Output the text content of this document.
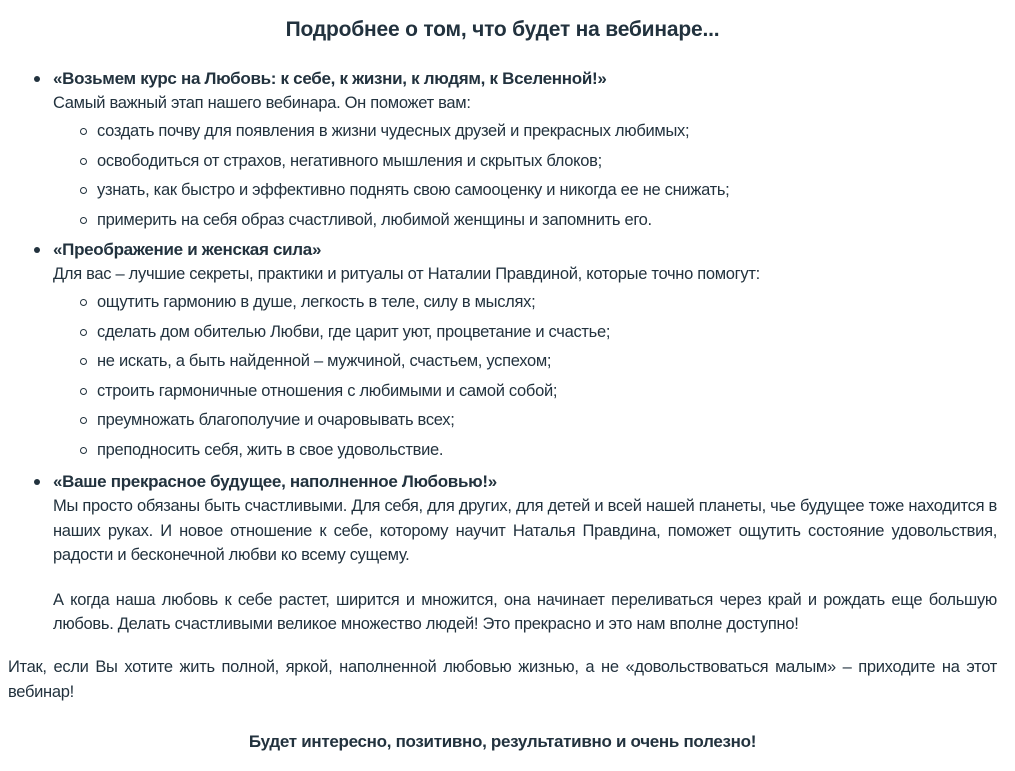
Подробнее о том, что будет на вебинаре...
«Возьмем курс на Любовь: к себе, к жизни, к людям, к Вселенной!»
Самый важный этап нашего вебинара. Он поможет вам:
создать почву для появления в жизни чудесных друзей и прекрасных любимых;
освободиться от страхов, негативного мышления и скрытых блоков;
узнать, как быстро и эффективно поднять свою самооценку и никогда ее не снижать;
примерить на себя образ счастливой, любимой женщины и запомнить его.
«Преображение и женская сила»
Для вас – лучшие секреты, практики и ритуалы от Наталии Правдиной, которые точно помогут:
ощутить гармонию в душе, легкость в теле, силу в мыслях;
сделать дом обителью Любви, где царит уют, процветание и счастье;
не искать, а быть найденной – мужчиной, счастьем, успехом;
строить гармоничные отношения с любимыми и самой собой;
преумножать благополучие и очаровывать всех;
преподносить себя, жить в свое удовольствие.
«Ваше прекрасное будущее, наполненное Любовью!»
Мы просто обязаны быть счастливыми. Для себя, для других, для детей и всей нашей планеты, чье будущее тоже находится в наших руках. И новое отношение к себе, которому научит Наталья Правдина, поможет ощутить состояние удовольствия, радости и бесконечной любви ко всему сущему.
А когда наша любовь к себе растет, ширится и множится, она начинает переливаться через край и рождать еще большую любовь. Делать счастливыми великое множество людей! Это прекрасно и это нам вполне доступно!
Итак, если Вы хотите жить полной, яркой, наполненной любовью жизнью, а не «довольствоваться малым» – приходите на этот вебинар!
Будет интересно, позитивно, результативно и очень полезно!
